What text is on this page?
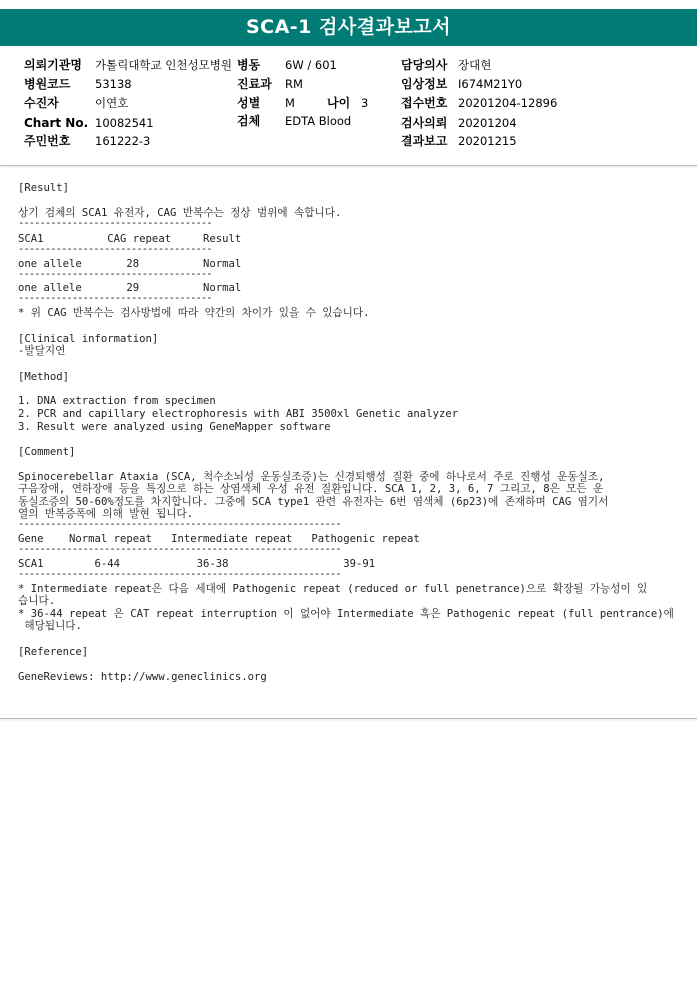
SCA-1 검사결과보고서
의뢰기관명 가톨릭대학교 인천성모병원
병원코드 53138
수진자	이연호
Chart No. 10082541
주민번호 161222-3
병동 6W / 601
진료과 RM
성별 M	나이 3
검체 EDTA Blood
담당의사 장대현
임상정보 I674M21Y0
접수번호 20201204-12896
검사의뢰 20201204
결과보고 20201215
[Result]
상기 검체의 SCA1 유전자, CAG 반복수는 정상 범위에 속합니다.
------------------------------------
SCA1          CAG repeat     Result
------------------------------------
one allele       28          Normal
------------------------------------
one allele       29          Normal
------------------------------------
* 위 CAG 반복수는 검사방법에 따라 약간의 차이가 있을 수 있습니다.
[Clinical information]
-발달지연
[Method]
1. DNA extraction from specimen
2. PCR and capillary electrophoresis with ABI 3500xl Genetic analyzer
3. Result were analyzed using GeneMapper software
[Comment]
Spinocerebellar Ataxia (SCA, 척수소뇌성 운동실조증)는 신경퇴행성 질환 중에 하나로서 주로 진행성 운동실조,
구음장애, 연하장애 등을 특징으로 하는 상염색체 우성 유전 질환입니다. SCA 1, 2, 3, 6, 7 그리고, 8은 모든 운
동실조증의 50-60%정도를 차지합니다. 그중에 SCA type1 관련 유전자는 6번 염색체 (6p23)에 존재하며 CAG 염기서
열의 반복증폭에 의해 발현 됩니다.
------------------------------------------------------------
Gene    Normal repeat   Intermediate repeat   Pathogenic repeat
------------------------------------------------------------
SCA1        6-44            36-38                  39-91
------------------------------------------------------------
* Intermediate repeat은 다음 세대에 Pathogenic repeat (reduced or full penetrance)으로 확장될 가능성이 있
습니다.
* 36-44 repeat 은 CAT repeat interruption 이 없어야 Intermediate 혹은 Pathogenic repeat (full pentrance)에
해당됩니다.
[Reference]
GeneReviews: http://www.geneclinics.org
